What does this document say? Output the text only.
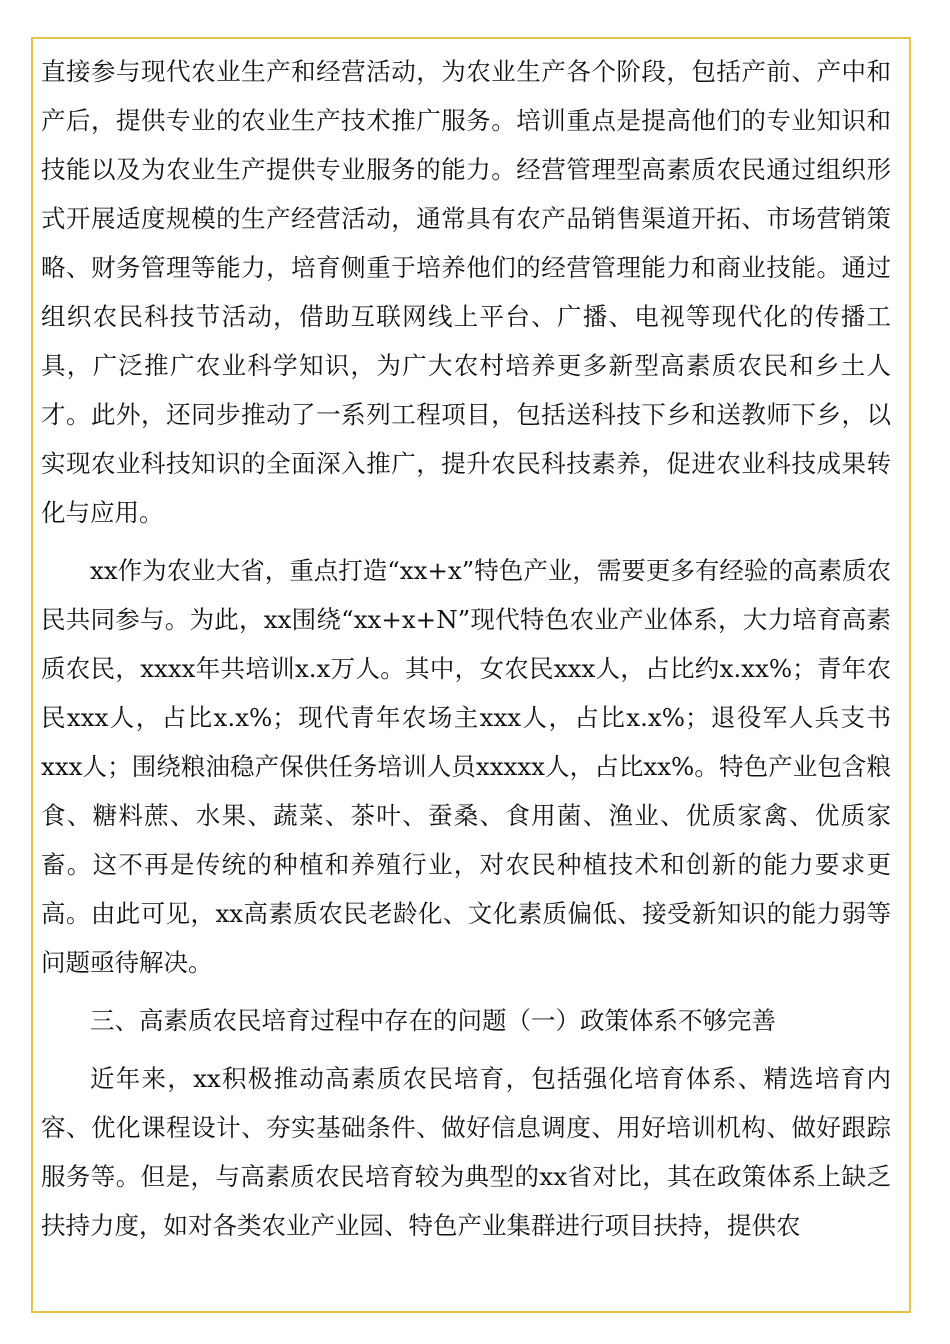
直接参与现代农业生产和经营活动，为农业生产各个阶段，包括产前、产中和产后，提供专业的农业生产技术推广服务。培训重点是提高他们的专业知识和技能以及为农业生产提供专业服务的能力。经营管理型高素质农民通过组织形式开展适度规模的生产经营活动，通常具有农产品销售渠道开拓、市场营销策略、财务管理等能力，培育侧重于培养他们的经营管理能力和商业技能。通过组织农民科技节活动，借助互联网线上平台、广播、电视等现代化的传播工具，广泛推广农业科学知识，为广大农村培养更多新型高素质农民和乡土人才。此外，还同步推动了一系列工程项目，包括送科技下乡和送教师下乡，以实现农业科技知识的全面深入推广，提升农民科技素养，促进农业科技成果转化与应用。

xx作为农业大省，重点打造“xx+x”特色产业，需要更多有经验的高素质农民共同参与。为此，xx围绕“xx+x+N”现代特色农业产业体系，大力培育高素质农民，xxxx年共培训x.x万人。其中，女农民xxx人，占比约x.xx%；青年农民xxx人，占比x.x%；现代青年农场主xxx人，占比x.x%；退役军人兵支书xxx人；围绕粮油稳产保供任务培训人员xxxxx人，占比xx%。特色产业包含粮食、糖料蔗、水果、蔬菜、茶叶、蚕桑、食用菌、渔业、优质家禽、优质家畜。这不再是传统的种植和养殖行业，对农民种植技术和创新的能力要求更高。由此可见，xx高素质农民老龄化、文化素质偏低、接受新知识的能力弱等问题亟待解决。

三、高素质农民培育过程中存在的问题（一）政策体系不够完善

近年来，xx积极推动高素质农民培育，包括强化培育体系、精选培育内容、优化课程设计、夯实基础条件、做好信息调度、用好培训机构、做好跟踪服务等。但是，与高素质农民培育较为典型的xx省对比，其在政策体系上缺乏扶持力度，如对各类农业产业园、特色产业集群进行项目扶持，提供农
